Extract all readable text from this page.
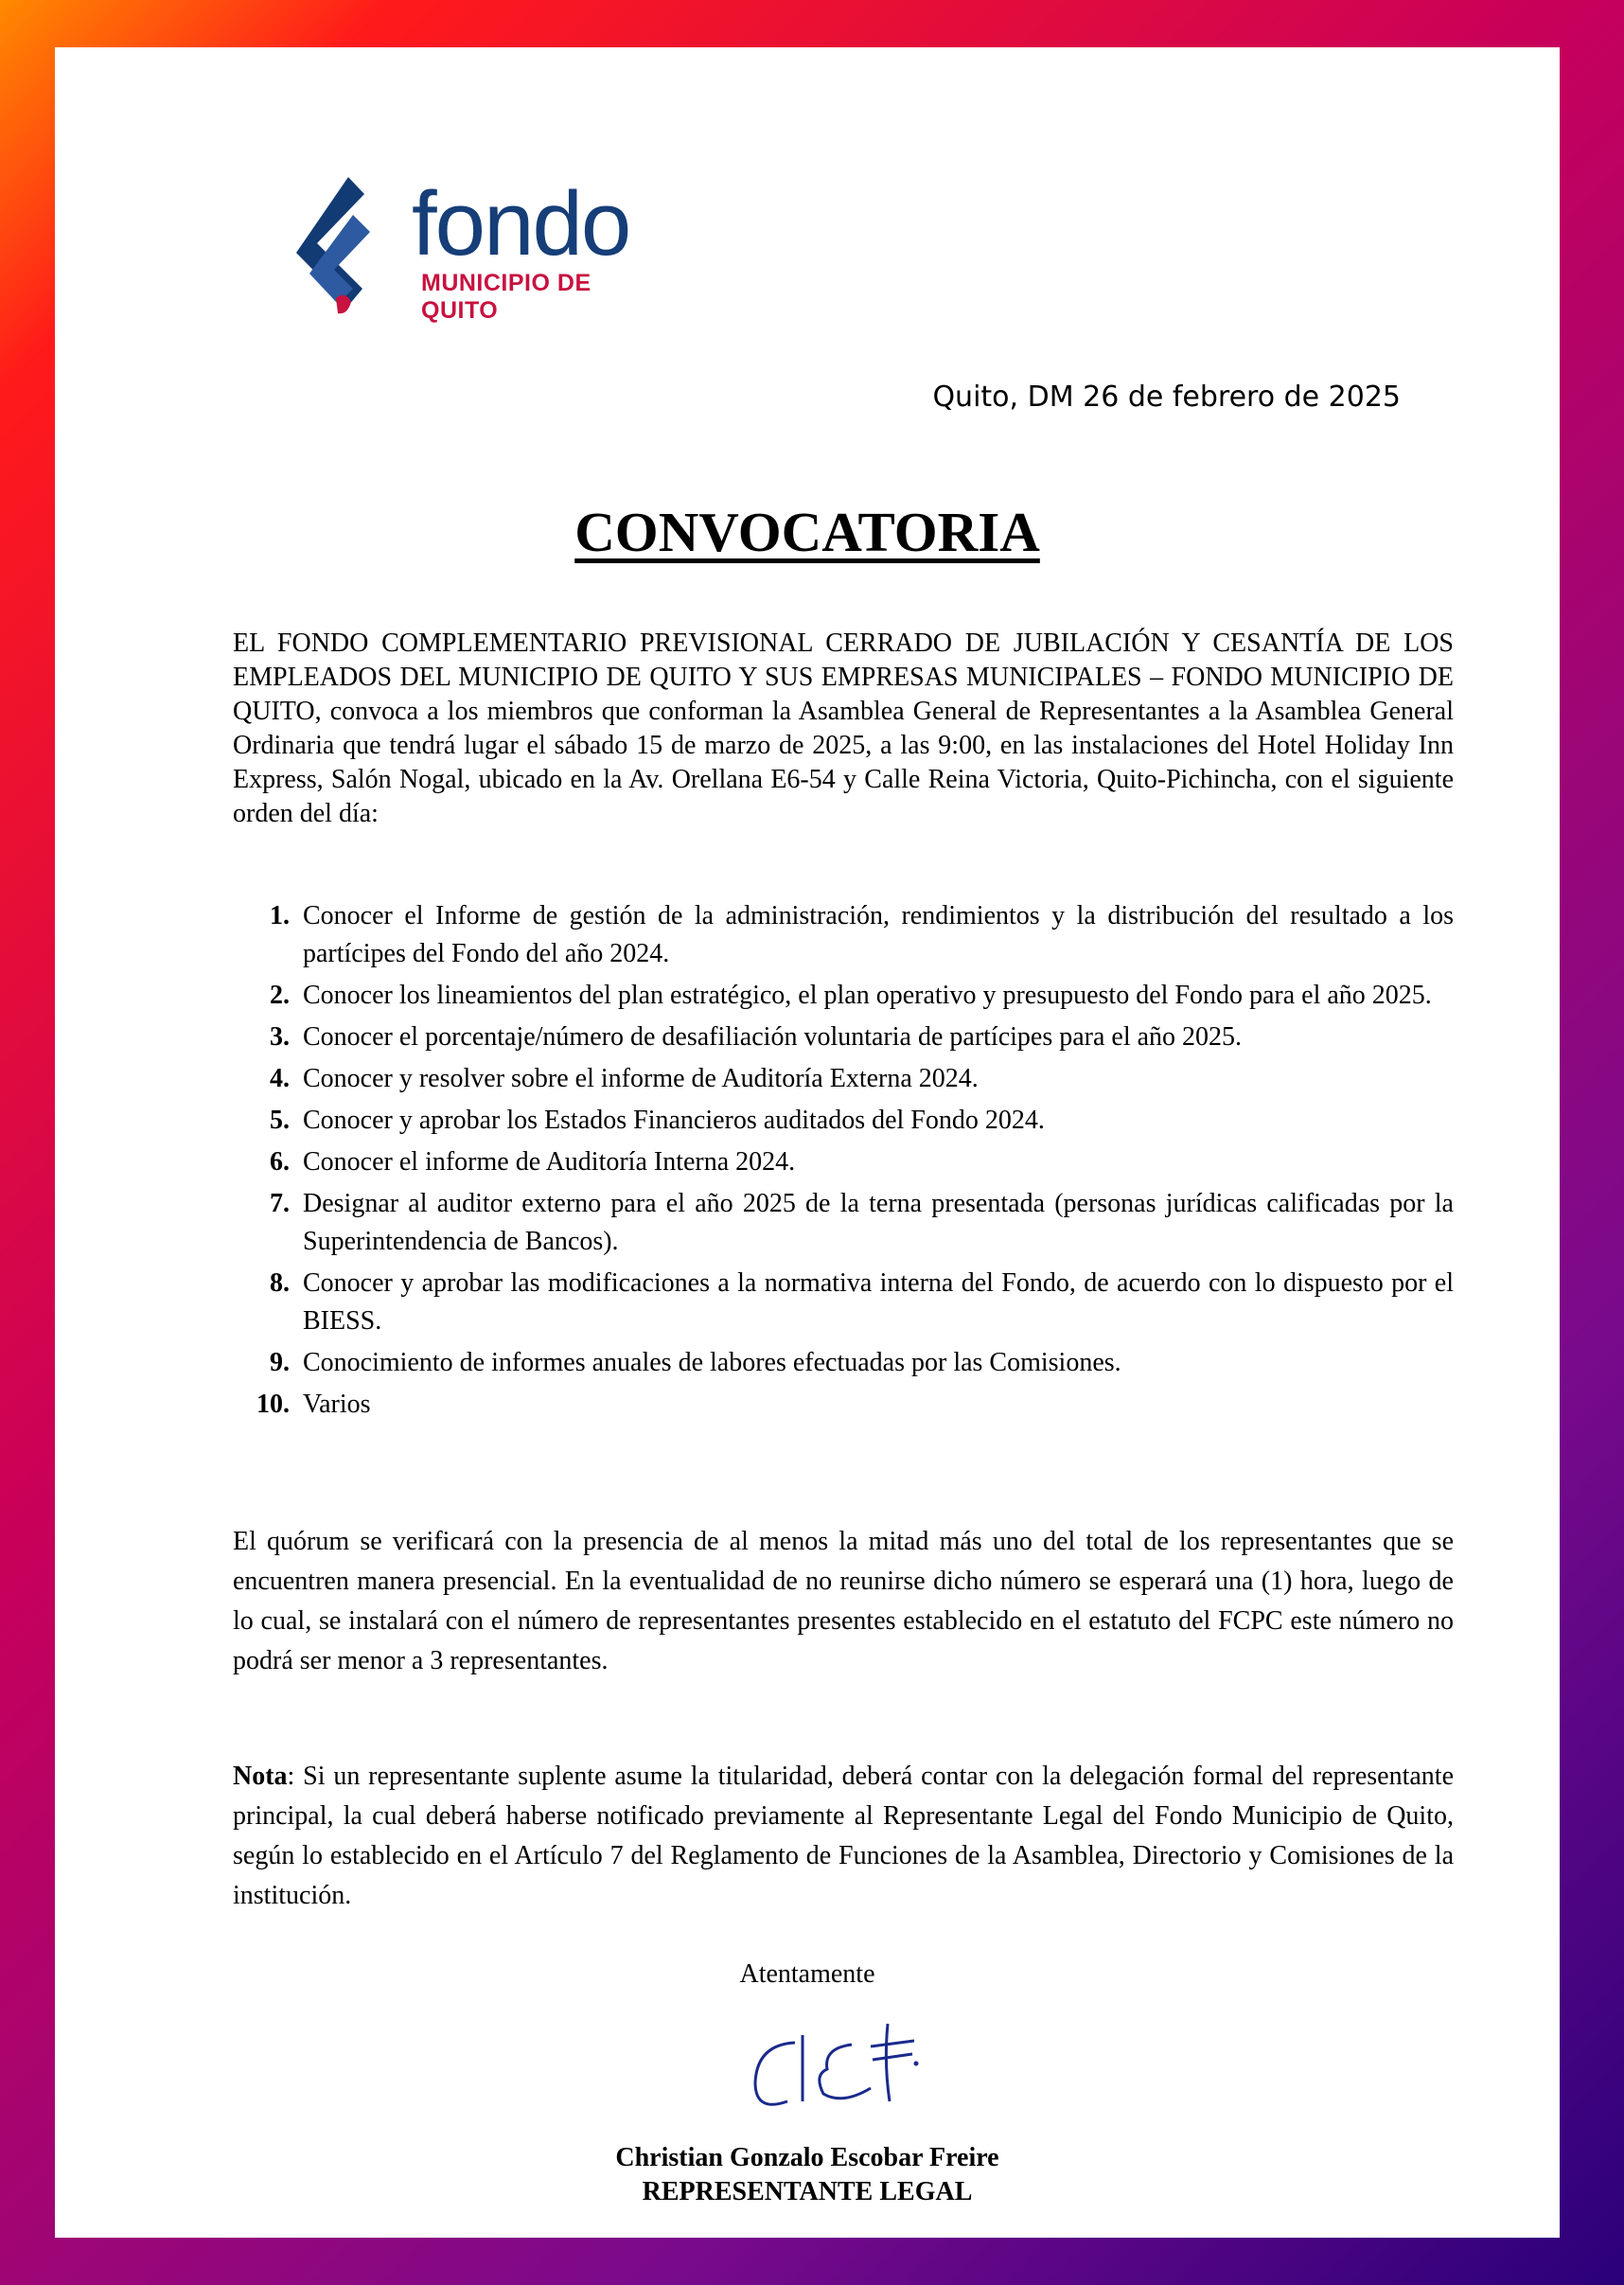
fondo
MUNICIPIO DE QUITO
Quito, DM 26 de febrero de 2025
CONVOCATORIA
EL FONDO COMPLEMENTARIO PREVISIONAL CERRADO DE JUBILACIÓN Y CESANTÍA DE LOS EMPLEADOS DEL MUNICIPIO DE QUITO Y SUS EMPRESAS MUNICIPALES – FONDO MUNICIPIO DE QUITO, convoca a los miembros que conforman la Asamblea General de Representantes a la Asamblea General Ordinaria que tendrá lugar el sábado 15 de marzo de 2025, a las 9:00, en las instalaciones del Hotel Holiday Inn Express, Salón Nogal, ubicado en la Av. Orellana E6-54 y Calle Reina Victoria, Quito-Pichincha, con el siguiente orden del día:
1. Conocer el Informe de gestión de la administración, rendimientos y la distribución del resultado a los partícipes del Fondo del año 2024.
2. Conocer los lineamientos del plan estratégico, el plan operativo y presupuesto del Fondo para el año 2025.
3. Conocer el porcentaje/número de desafiliación voluntaria de partícipes para el año 2025.
4. Conocer y resolver sobre el informe de Auditoría Externa 2024.
5. Conocer y aprobar los Estados Financieros auditados del Fondo 2024.
6. Conocer el informe de Auditoría Interna 2024.
7. Designar al auditor externo para el año 2025 de la terna presentada (personas jurídicas calificadas por la Superintendencia de Bancos).
8. Conocer y aprobar las modificaciones a la normativa interna del Fondo, de acuerdo con lo dispuesto por el BIESS.
9. Conocimiento de informes anuales de labores efectuadas por las Comisiones.
10. Varios
El quórum se verificará con la presencia de al menos la mitad más uno del total de los representantes que se encuentren manera presencial. En la eventualidad de no reunirse dicho número se esperará una (1) hora, luego de lo cual, se instalará con el número de representantes presentes establecido en el estatuto del FCPC este número no podrá ser menor a 3 representantes.
Nota: Si un representante suplente asume la titularidad, deberá contar con la delegación formal del representante principal, la cual deberá haberse notificado previamente al Representante Legal del Fondo Municipio de Quito, según lo establecido en el Artículo 7 del Reglamento de Funciones de la Asamblea, Directorio y Comisiones de la institución.
Atentamente
Christian Gonzalo Escobar Freire
REPRESENTANTE LEGAL
